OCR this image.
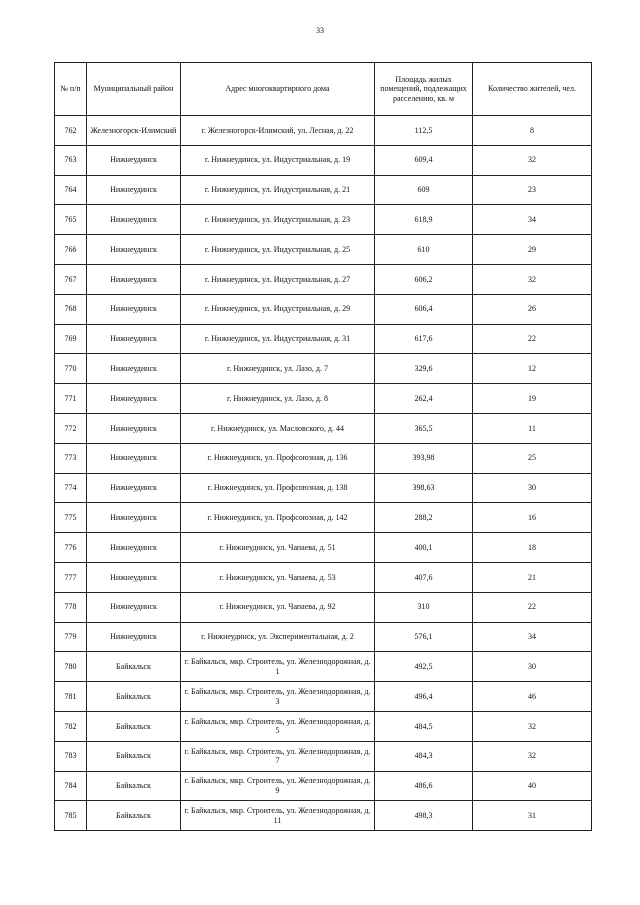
33
№ п/п	Муниципальный район	Адрес многоквартирного дома	Площадь жилых помещений, подлежащих расселению, кв. м	Количество жителей, чел.
762	Железногорск-Илимский	г. Железногорск-Илимский, ул. Лесная, д. 22	112,5	8
763	Нижнеудинск	г. Нижнеудинск, ул. Индустриальная, д. 19	609,4	32
764	Нижнеудинск	г. Нижнеудинск, ул. Индустриальная, д. 21	609	23
765	Нижнеудинск	г. Нижнеудинск, ул. Индустриальная, д. 23	618,9	34
766	Нижнеудинск	г. Нижнеудинск, ул. Индустриальная, д. 25	610	29
767	Нижнеудинск	г. Нижнеудинск, ул. Индустриальная, д. 27	606,2	32
768	Нижнеудинск	г. Нижнеудинск, ул. Индустриальная, д. 29	606,4	26
769	Нижнеудинск	г. Нижнеудинск, ул. Индустриальная, д. 31	617,6	22
770	Нижнеудинск	г. Нижнеудинск, ул. Лазо, д. 7	329,6	12
771	Нижнеудинск	г. Нижнеудинск, ул. Лазо, д. 8	262,4	19
772	Нижнеудинск	г. Нижнеудинск, ул. Масловского, д. 44	365,5	11
773	Нижнеудинск	г. Нижнеудинск, ул. Профсоюзная, д. 136	393,98	25
774	Нижнеудинск	г. Нижнеудинск, ул. Профсоюзная, д. 138	398,63	30
775	Нижнеудинск	г. Нижнеудинск, ул. Профсоюзная, д. 142	288,2	16
776	Нижнеудинск	г. Нижнеудинск, ул. Чапаева, д. 51	400,1	18
777	Нижнеудинск	г. Нижнеудинск, ул. Чапаева, д. 53	407,6	21
778	Нижнеудинск	г. Нижнеудинск, ул. Чапаева, д. 92	310	22
779	Нижнеудинск	г. Нижнеудинск, ул. Экспериментальная, д. 2	576,1	34
780	Байкальск	г. Байкальск, мкр. Строитель, ул. Железнодорожная, д. 1	492,5	30
781	Байкальск	г. Байкальск, мкр. Строитель, ул. Железнодорожная, д. 3	496,4	46
782	Байкальск	г. Байкальск, мкр. Строитель, ул. Железнодорожная, д. 5	484,5	32
783	Байкальск	г. Байкальск, мкр. Строитель, ул. Железнодорожная, д. 7	484,3	32
784	Байкальск	г. Байкальск, мкр. Строитель, ул. Железнодорожная, д. 9	486,6	40
785	Байкальск	г. Байкальск, мкр. Строитель, ул. Железнодорожная, д. 11	498,3	31
